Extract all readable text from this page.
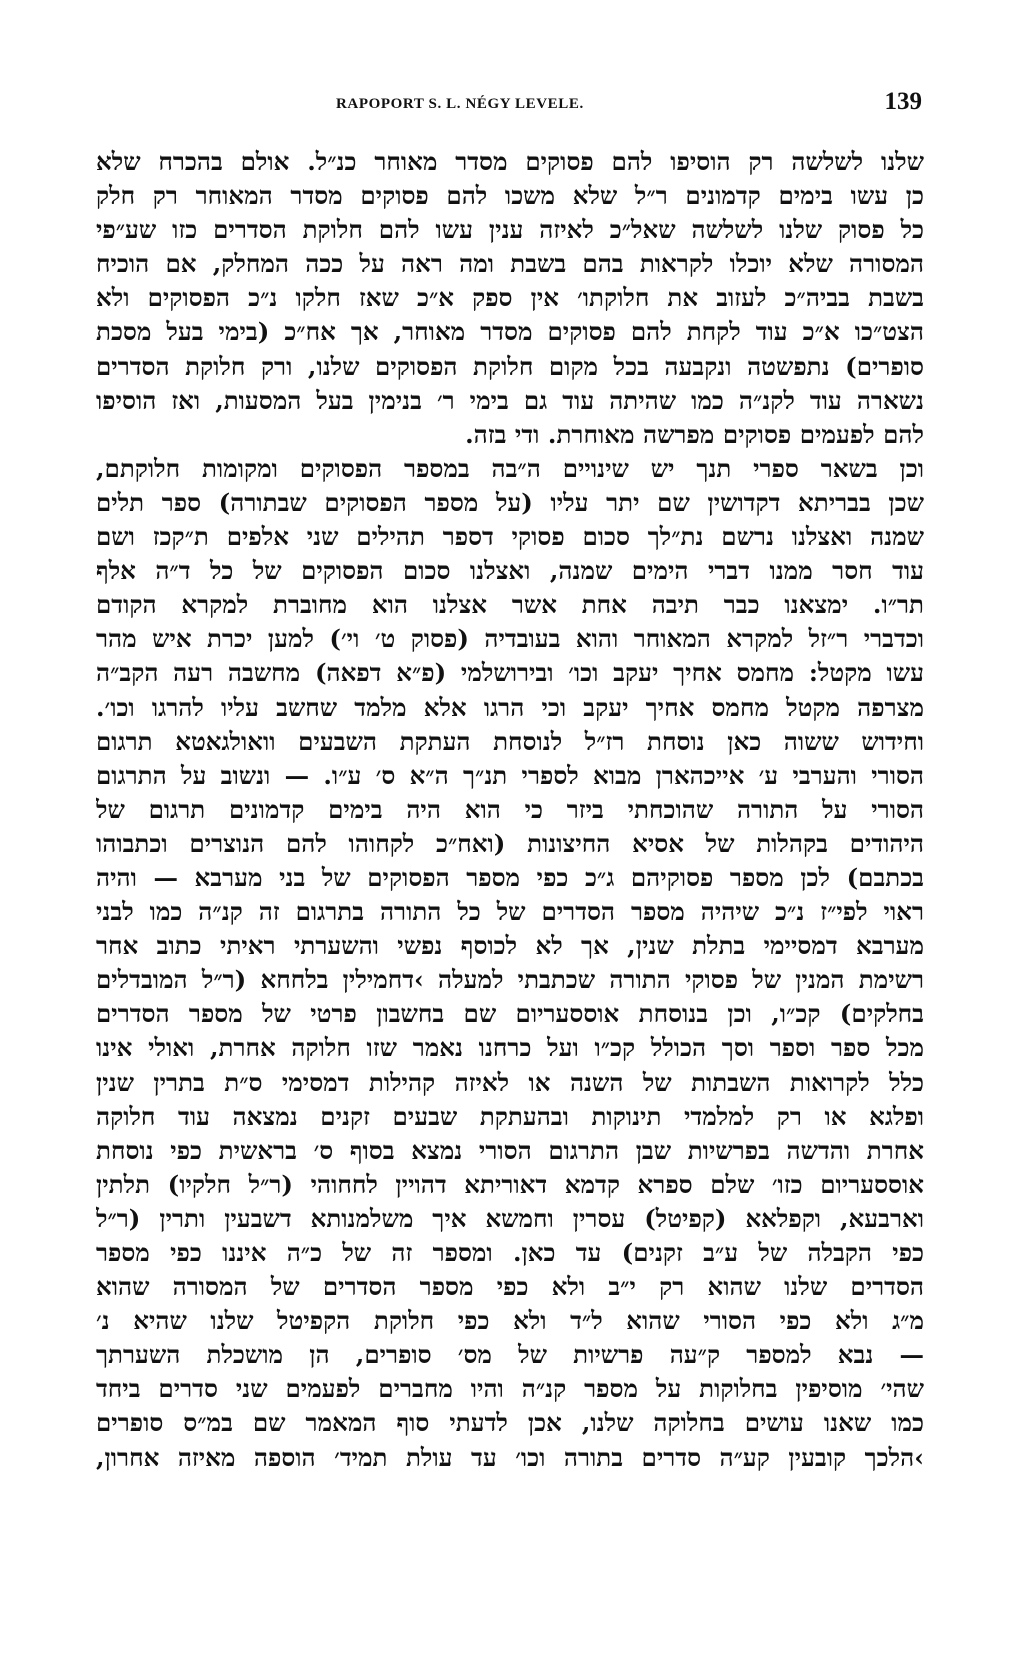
RAPOPORT S. L. NÉGY LEVELE.	139
שלנו לשלשה רק הוסיפו להם פסוקים מסדר מאוחר כנ״ל. אולם בהכרח שלא
כן עשו בימים קדמונים ר״ל שלא משכו להם פסוקים מסדר המאוחר רק חלק
כל פסוק שלנו לשלשה שאל״כ לאיזה ענין עשו להם חלוקת הסדרים כזו שע״פי
המסורה שלא יוכלו לקראות בהם בשבת ומה ראה על ככה המחלק, אם הוכיח
בשבת בביה״כ לעזוב את חלוקתו׳ אין ספק א״כ שאז חלקו נ״כ הפסוקים ולא
הצט״כו א״כ עוד לקחת להם פסוקים מסדר מאוחר, אך אח״כ (בימי בעל מסכת
סופרים) נתפשטה ונקבעה בכל מקום חלוקת הפסוקים שלנו, ורק חלוקת הסדרים
נשארה עוד לקנ״ה כמו שהיתה עוד גם בימי ר׳ בנימין בעל המסעות, ואז הוסיפו
להם לפעמים פסוקים מפרשה מאוחרת. ודי בזה.
וכן בשאר ספרי תנך יש שינויים ה״בה במספר הפסוקים ומקומות חלוקתם,
שכן בבריתא דקדושין שם יתר עליו (על מספר הפסוקים שבתורה) ספר תלים
שמנה ואצלנו נרשם נת״לך סכום פסוקי דספר תהילים שני אלפים ת״קכז ושם
עוד חסר ממנו דברי הימים שמנה, ואצלנו סכום הפסוקים של כל ד״ה אלף
תר״ו. ימצאנו כבר תיבה אחת אשר אצלנו הוא מחוברת למקרא הקודם
וכדברי ר״זל למקרא המאוחר והוא בעובדיה (פסוק ט׳ וי׳) למען יכרת איש מהר
עשו מקטל: מחמס אחיך יעקב וכו׳ ובירושלמי (פ״א דפאה) מחשבה רעה הקב״ה
מצרפה מקטל מחמס אחיך יעקב וכי הרגו אלא מלמד שחשב עליו להרגו וכו׳.
וחידוש ששוה כאן נוסחת רז״ל לנוסחת העתקת השבעים וואולגאטא תרגום
הסורי והערבי ע׳ אייכהארן מבוא לספרי תנ״ך ה״א ס׳ ע״ו. — ונשוב על התרגום
הסורי על התורה שהוכחתי ביזר כי הוא היה בימים קדמונים תרגום של
היהודים בקהלות של אסיא החיצונות (ואח״כ לקחוהו להם הנוצרים וכתבוהו
בכתבם) לכן מספר פסוקיהם ג״כ כפי מספר הפסוקים של בני מערבא — והיה
ראוי לפי״ז נ״כ שיהיה מספר הסדרים של כל התורה בתרגום זה קנ״ה כמו לבני
מערבא דמסיימי בתלת שנין, אך לא לכוסף נפשי והשערתי ראיתי כתוב אחר
רשימת המנין של פסוקי התורה שכתבתי למעלה ›דחמילין בלחחא (ר״ל המובדלים
בחלקים) קכ״ו, וכן בנוסחת אוססעריום שם בחשבון פרטי של מספר הסדרים
מכל ספר וספר וסך הכולל קכ״ו ועל כרחנו נאמר שזו חלוקה אחרת, ואולי אינו
כלל לקרואות השבתות של השנה או לאיזה קהילות דמסימי ס״ת בתרין שנין
ופלגא או רק למלמדי תינוקות ובהעתקת שבעים זקנים נמצאה עוד חלוקה
אחרת והדשה בפרשיות שבן התרגום הסורי נמצא בסוף ס׳ בראשית כפי נוסחת
אוססעריום כזו׳ שלם ספרא קדמא דאוריתא דהויין לחחוהי (ר״ל חלקיו) תלתין
וארבעא, וקפלאא (קפיטל) עסרין וחמשא איך משלמנותא דשבעין ותרין (ר״ל
כפי הקבלה של ע״ב זקנים) עד כאן. ומספר זה של כ״ה איננו כפי מספר
הסדרים שלנו שהוא רק י״ב ולא כפי מספר הסדרים של המסורה שהוא
מ״ג ולא כפי הסורי שהוא ל״ד ולא כפי חלוקת הקפיטל שלנו שהיא נ׳
— נבא למספר ק״עה פרשיות של מס׳ סופרים, הן מושכלת השערתך
שהי׳ מוסיפין בחלוקות על מספר קנ״ה והיו מחברים לפעמים שני סדרים ביחד
כמו שאנו עושים בחלוקה שלנו, אכן לדעתי סוף המאמר שם במ״ס סופרים
›הלכך קובעין קע״ה סדרים בתורה וכו׳ עד עולת תמיד׳ הוספה מאיזה אחרון,
